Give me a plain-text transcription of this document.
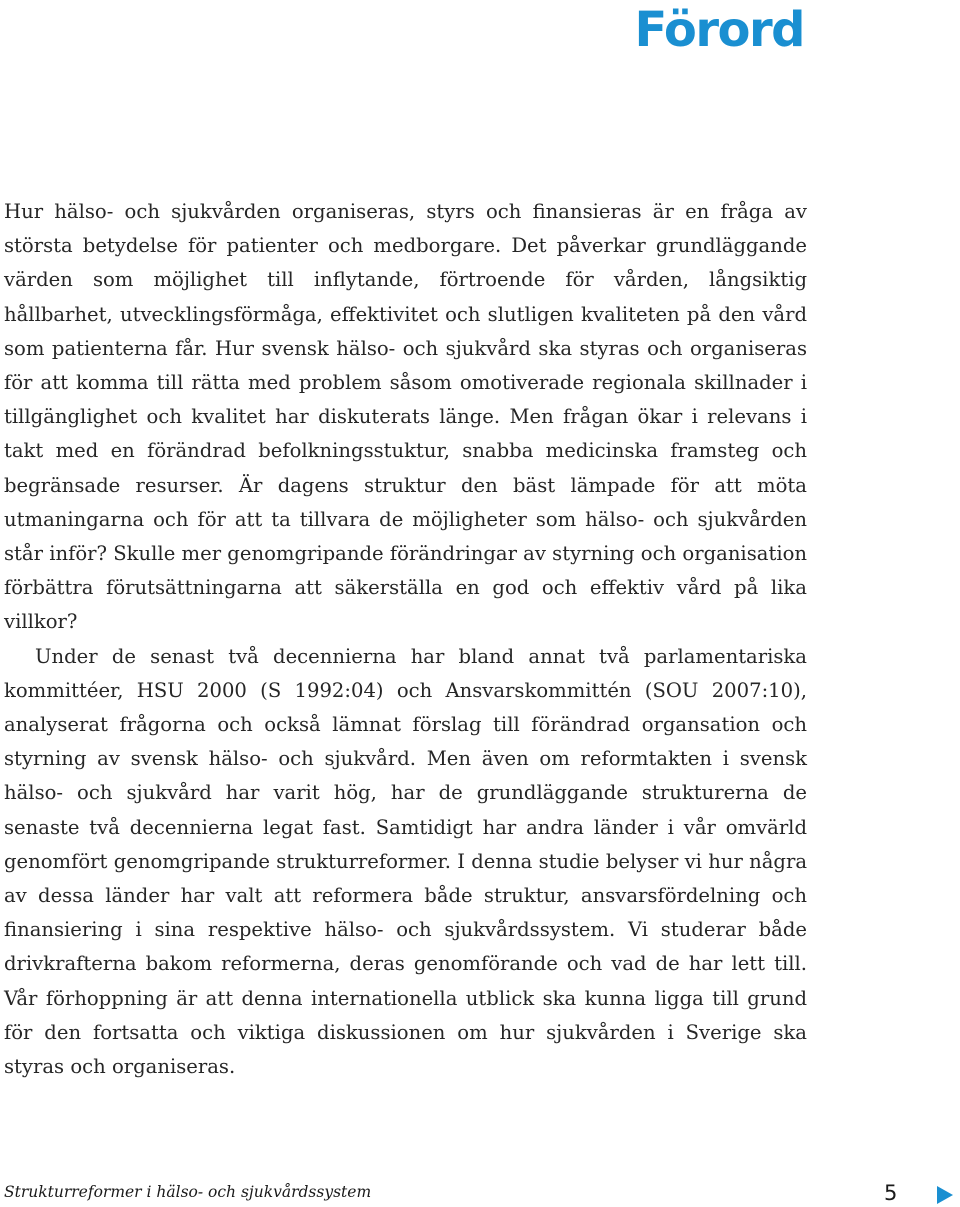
Förord

Hur hälso- och sjukvården organiseras, styrs och finansieras är en fråga av största betydelse för patienter och medborgare. Det påverkar grundläggande värden som möjlighet till inflytande, förtroende för vården, långsiktig hållbarhet, utvecklingsförmåga, effektivitet och slutligen kvaliteten på den vård som patienterna får. Hur svensk hälso- och sjukvård ska styras och organiseras för att komma till rätta med problem såsom omotiverade regionala skillnader i tillgänglighet och kvalitet har diskuterats länge. Men frågan ökar i relevans i takt med en förändrad befolkningsstuktur, snabba medicinska framsteg och begränsade resurser. Är dagens struktur den bäst lämpade för att möta utmaningarna och för att ta tillvara de möjligheter som hälso- och sjukvården står inför? Skulle mer genomgripande förändringar av styrning och organisation förbättra förutsättningarna att säkerställa en god och effektiv vård på lika villkor?

Under de senast två decennierna har bland annat två parlamentariska kommittéer, HSU 2000 (S 1992:04) och Ansvarskommittén (SOU 2007:10), analyserat frågorna och också lämnat förslag till förändrad organsation och styrning av svensk hälso- och sjukvård. Men även om reformtakten i svensk hälso- och sjukvård har varit hög, har de grundläggande strukturerna de senaste två decennierna legat fast. Samtidigt har andra länder i vår omvärld genomfört genomgripande strukturreformer. I denna studie belyser vi hur några av dessa länder har valt att reformera både struktur, ansvarsfördelning och finansiering i sina respektive hälso- och sjukvårdssystem. Vi studerar både drivkrafterna bakom reformerna, deras genomförande och vad de har lett till. Vår förhoppning är att denna internationella utblick ska kunna ligga till grund för den fortsatta och viktiga diskussionen om hur sjukvården i Sverige ska styras och organiseras.

Strukturreformer i hälso- och sjukvårdssystem	5
